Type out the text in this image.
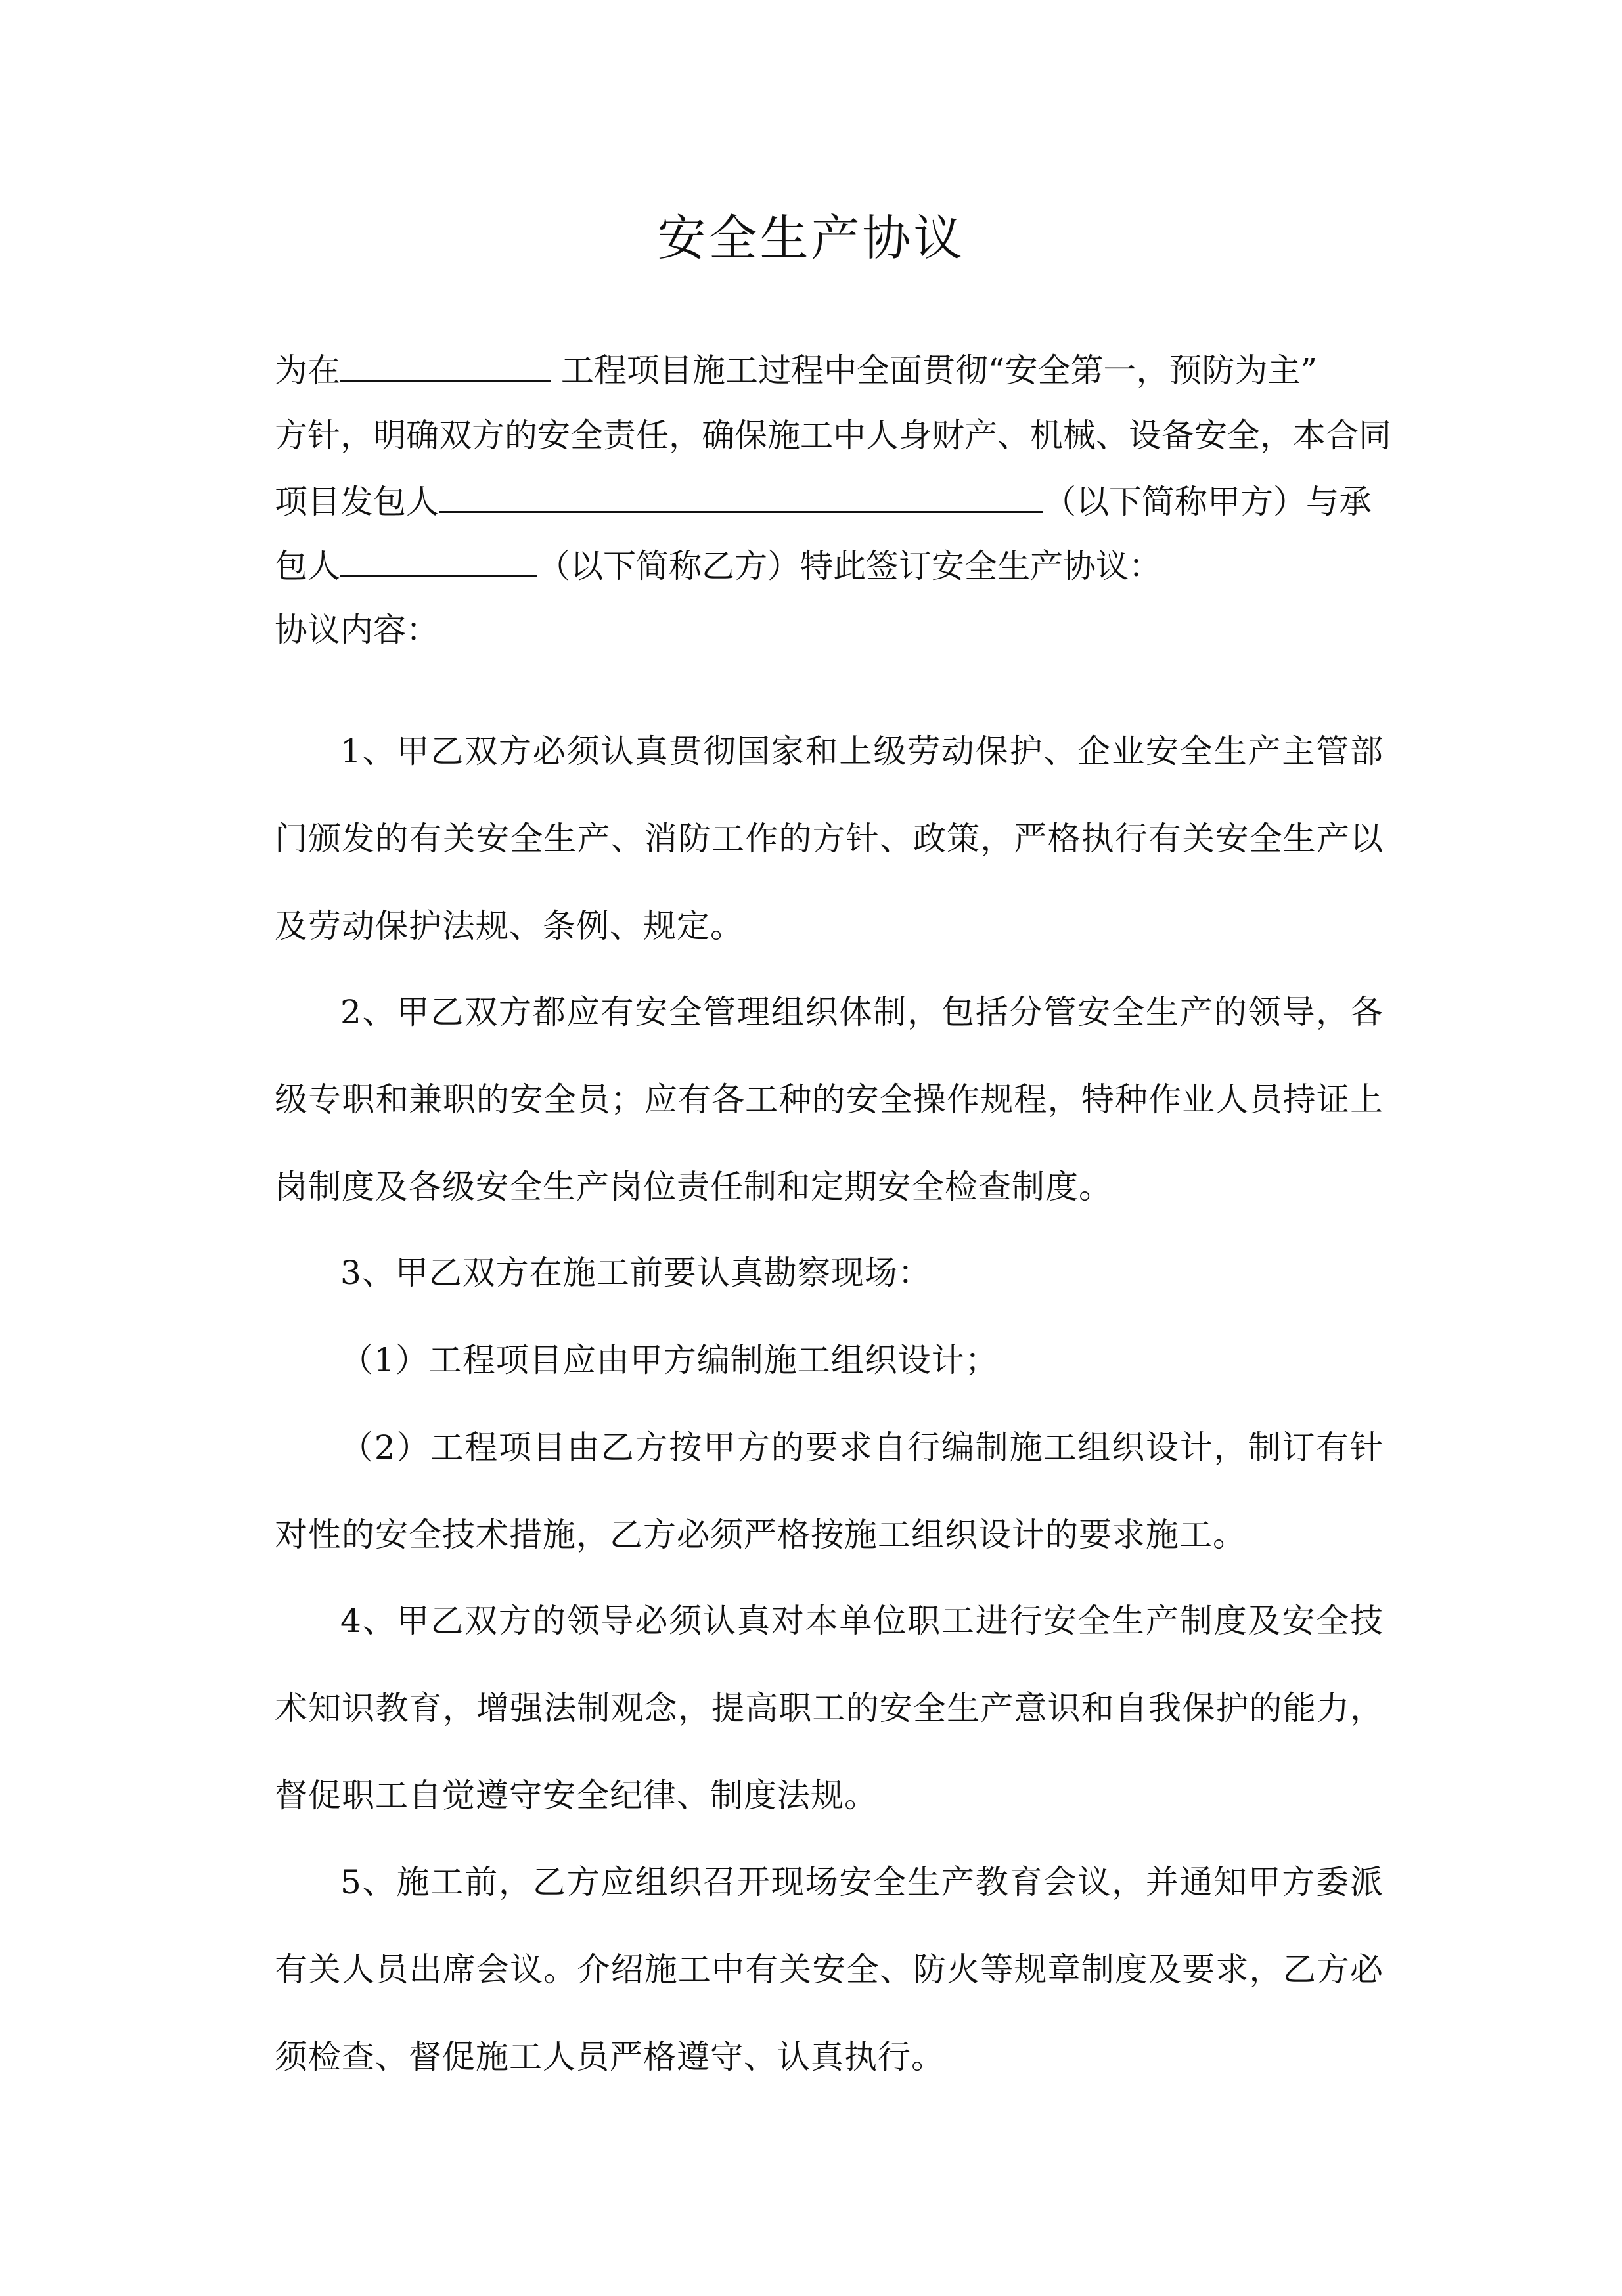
安全生产协议
为在	工程项目施工过程中全面贯彻“安全第一，预防为主”
方针，明确双方的安全责任，确保施工中人身财产、机械、设备安全，本合同
项目发包人	（以下简称甲方）与承
包人	（以下简称乙方）特此签订安全生产协议：
协议内容：

1、甲乙双方必须认真贯彻国家和上级劳动保护、企业安全生产主管部门颁发的有关安全生产、消防工作的方针、政策，严格执行有关安全生产以及劳动保护法规、条例、规定。

2、甲乙双方都应有安全管理组织体制，包括分管安全生产的领导，各级专职和兼职的安全员；应有各工种的安全操作规程，特种作业人员持证上岗制度及各级安全生产岗位责任制和定期安全检查制度。

3、甲乙双方在施工前要认真勘察现场：

（1）工程项目应由甲方编制施工组织设计；

（2）工程项目由乙方按甲方的要求自行编制施工组织设计，制订有针对性的安全技术措施，乙方必须严格按施工组织设计的要求施工。

4、甲乙双方的领导必须认真对本单位职工进行安全生产制度及安全技术知识教育，增强法制观念，提高职工的安全生产意识和自我保护的能力，督促职工自觉遵守安全纪律、制度法规。

5、施工前，乙方应组织召开现场安全生产教育会议，并通知甲方委派有关人员出席会议。介绍施工中有关安全、防火等规章制度及要求，乙方必须检查、督促施工人员严格遵守、认真执行。
